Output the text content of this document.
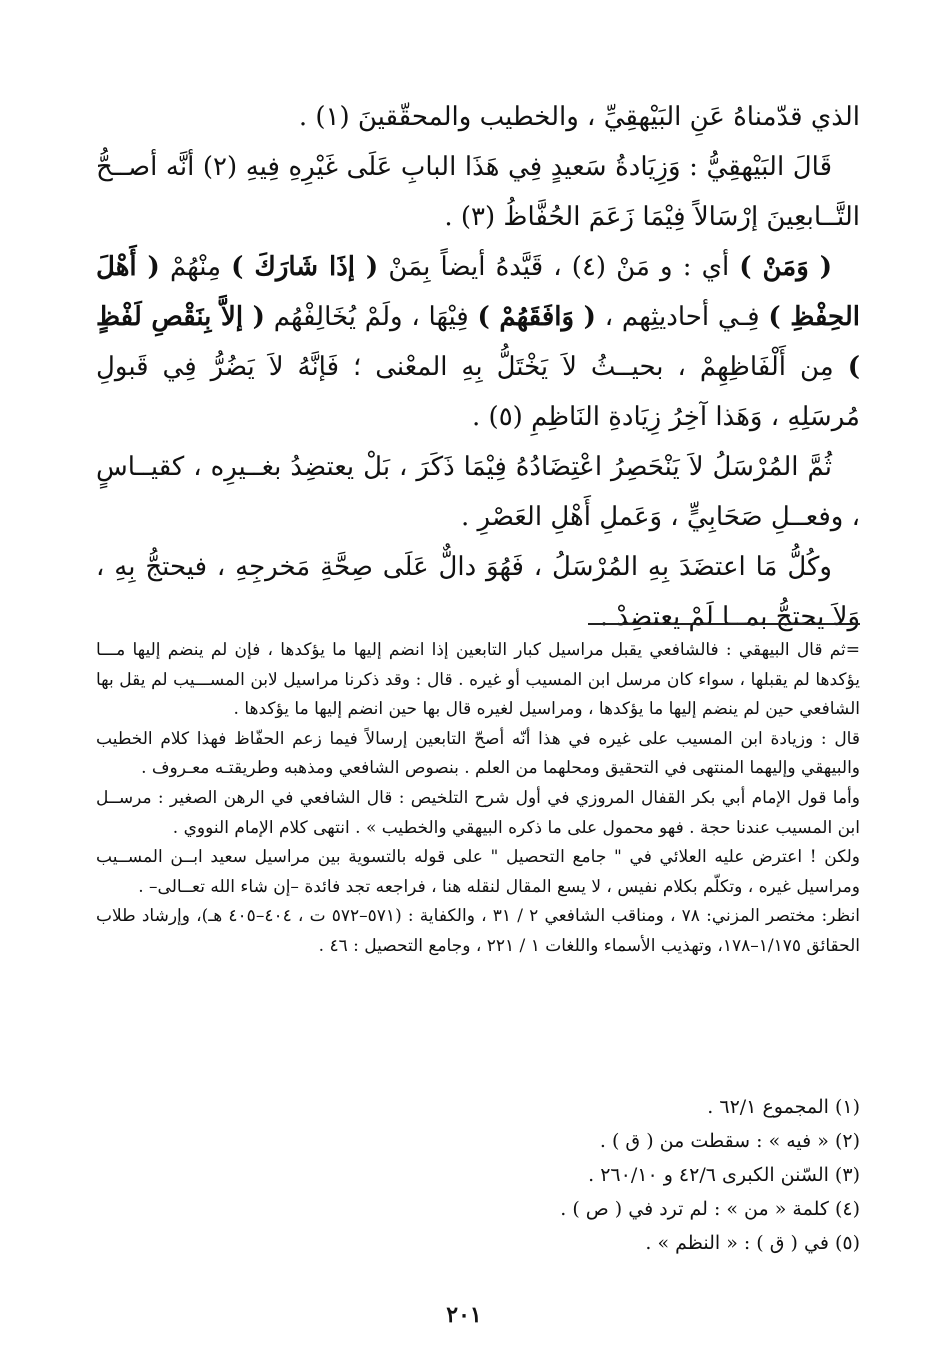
الذي قدّمناهُ عَنِ البَيْهقِيِّ ، والخطيب والمحقّقينَ (١) .

قَالَ البَيْهقِيُّ : وَزِيَادةُ سَعيدٍ فِي هَذَا البابِ عَلَى غَيْرِهِ فِيهِ (٢) أنَّه أصــحُّ التَّــابعِينَ إرْسَالاً فِيْمَا زَعَمَ الحُفَّاظُ (٣) .

( وَمَنْ ) أي : و مَنْ (٤) ، قَيَّدهُ أيضاً بِمَنْ ( إذَا شَارَكَ ) مِنْهُمْ ( أَهْلَ الحِفْظِ ) فِـي أحاديثِهم ، ( وَافَقَهُمْ ) فِيْهَا ، ولَمْ يُخَالِفْهُم ( إلاَّ بِنَقْصِ لَفْظٍ ) مِن أَلْفَاظِهِمْ ، بحيــثُ لاَ يَخْتَلُّ بِهِ المعْنى ؛ فَإنَّهُ لاَ يَضُرُّ فِي قَبولِ مُرسَلِهِ ، وَهَذا آخِرُ زِيَادةِ النَاظِمِ (٥) .

ثُمَّ المُرْسَلُ لاَ يَنْحَصِرُ اعْتِضَادُهُ فِيْمَا ذَكَرَ ، بَلْ يعتضِدُ بغــيرِه ، كقيــاسٍ ، وفعــلِ صَحَابِيٍّ ، وَعَملِ أَهْلِ العَصْرِ .

وكُلُّ مَا اعتضَدَ بِهِ المُرْسَلُ ، فَهُوَ دالٌّ عَلَى صِحَّةِ مَخرجِهِ ، فيحتجُّ بِهِ ، وَلاَ يحتجُّ بمــا لَمْ يعتضِدْ .

=ثم قال البيهقي : فالشافعي يقبل مراسيل كبار التابعين إذا انضم إليها ما يؤكدها ، فإن لم ينضم إليها مـــا يؤكدها لم يقبلها ، سواء كان مرسل ابن المسيب أو غيره . قال : وقد ذكرنا مراسيل لابن المســـيب لم يقل بها الشافعي حين لم ينضم إليها ما يؤكدها ، ومراسيل لغيره قال بها حين انضم إليها ما يؤكدها .

قال : وزيادة ابن المسيب على غيره في هذا أنّه أصحّ التابعين إرسالاً فيما زعم الحفّاظ فهذا كلام الخطيب والبيهقي وإليهما المنتهى في التحقيق ومحلهما من العلم . بنصوص الشافعي ومذهبه وطريقتـه معـروف .

وأما قول الإمام أبي بكر القفال المروزي في أول شرح التلخيص : قال الشافعي في الرهن الصغير : مرســل ابن المسيب عندنا حجة . فهو محمول على ما ذكره البيهقي والخطيب » . انتهى كلام الإمام النووي .

ولكن ! اعترض عليه العلائي في " جامع التحصيل " على قوله بالتسوية بين مراسيل سعيد ابــن المســيب ومراسيل غيره ، وتكلّم بكلام نفيس ، لا يسع المقال لنقله هنا ، فراجعه تجد فائدة –إن شاء الله تعــالى– .

انظر: مختصر المزني: ٧٨ ، ومناقب الشافعي ٢ / ٣١ ، والكفاية : (٥٧١–٥٧٢ ت ، ٤٠٤–٤٠٥ هـ)، وإرشاد طلاب الحقائق ١/١٧٥–١٧٨، وتهذيب الأسماء واللغات ١ / ٢٢١ ، وجامع التحصيل : ٤٦ .

(١) المجموع ٦٢/١ .

(٢) « فيه » : سقطت من ( ق ) .

(٣) السّنن الكبرى ٤٢/٦ و ٢٦٠/١٠ .

(٤) كلمة « من » : لم ترد في ( ص ) .

(٥) في ( ق ) : « النظم » .

٢٠١
